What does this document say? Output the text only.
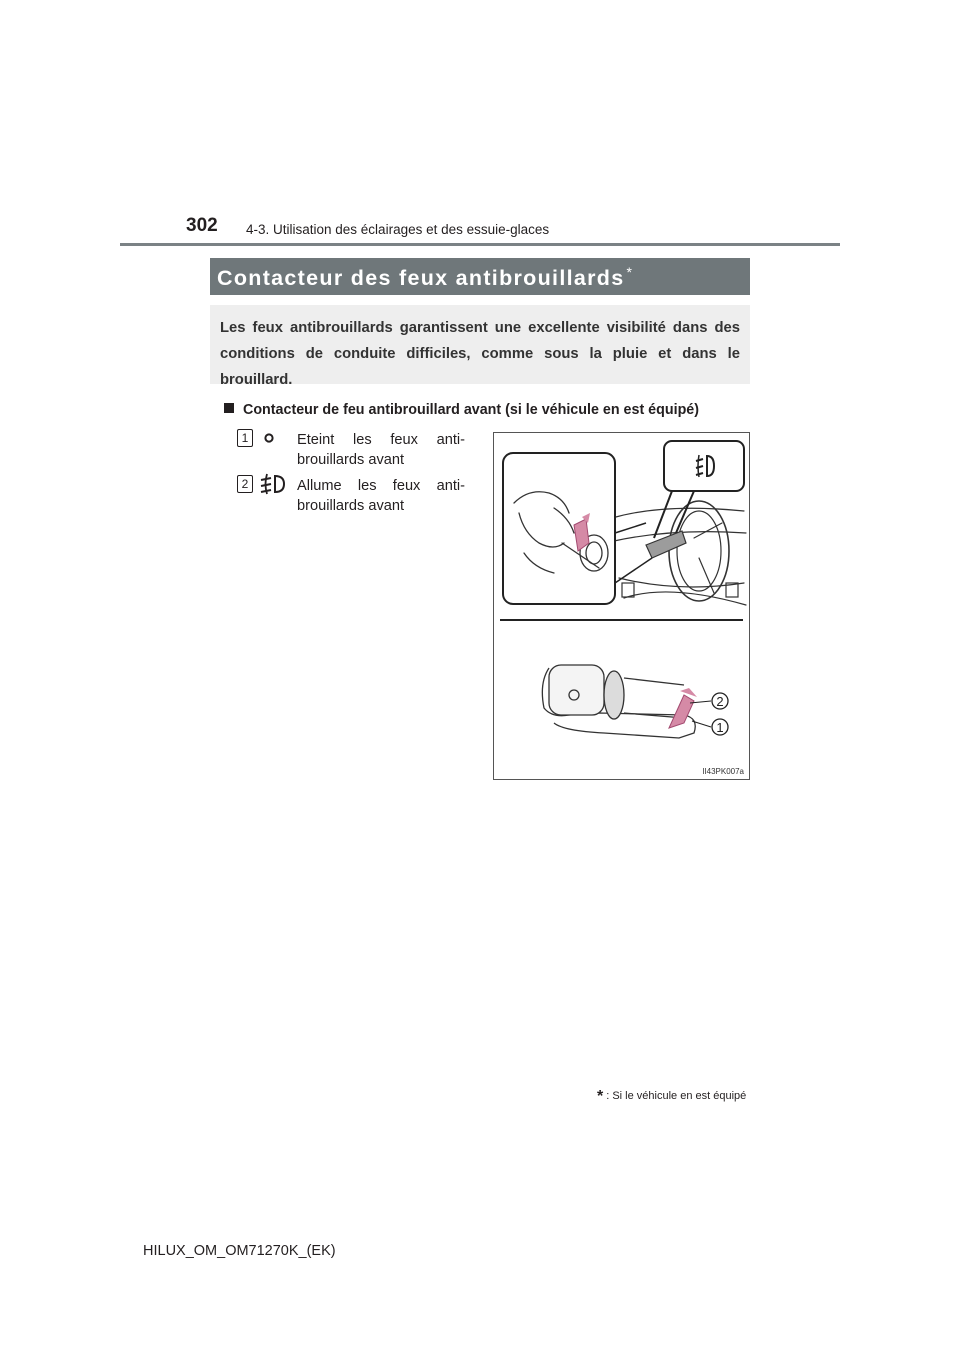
302 4-3. Utilisation des éclairages et des essuie-glaces
Contacteur des feux antibrouillards *
Les feux antibrouillards garantissent une excellente visibilité dans des conditions de conduite difficiles, comme sous la pluie et dans le brouillard.
Contacteur de feu antibrouillard avant (si le véhicule en est équipé)
1	Eteint les feux anti-
brouillards avant
2	Allume les feux anti-
brouillards avant
2
1
II43PK007a
* : Si le véhicule en est équipé
HILUX_OM_OM71270K_(EK)
